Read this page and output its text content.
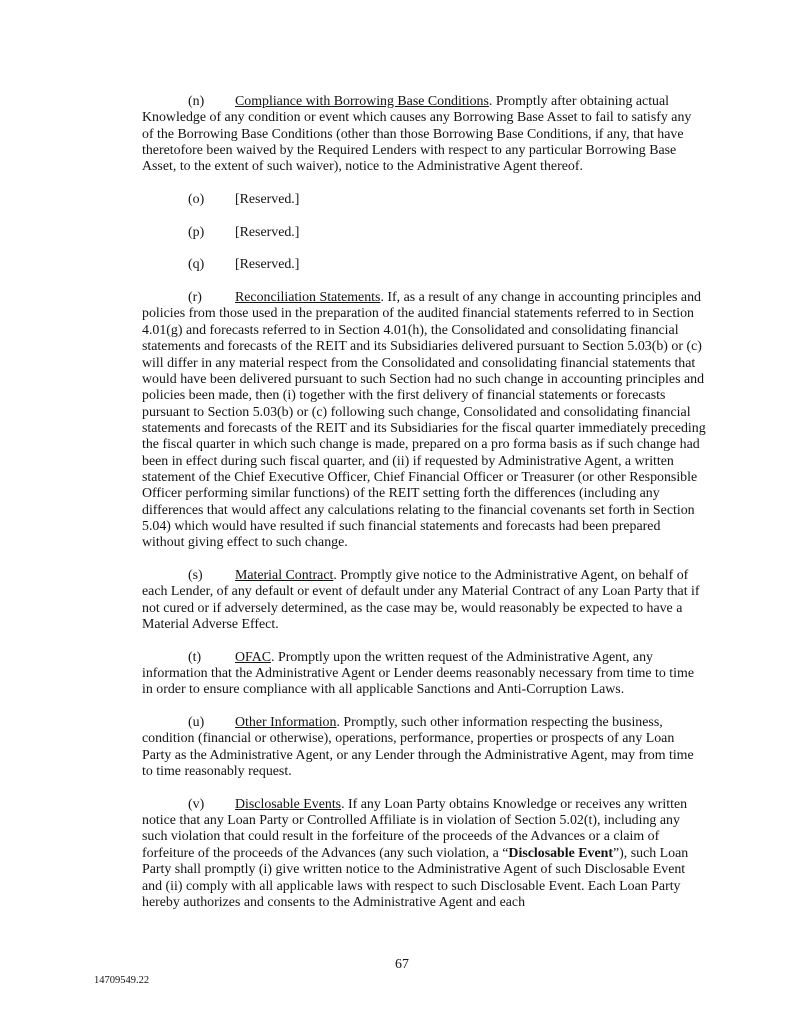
(n) Compliance with Borrowing Base Conditions. Promptly after obtaining actual Knowledge of any condition or event which causes any Borrowing Base Asset to fail to satisfy any of the Borrowing Base Conditions (other than those Borrowing Base Conditions, if any, that have theretofore been waived by the Required Lenders with respect to any particular Borrowing Base Asset, to the extent of such waiver), notice to the Administrative Agent thereof.

(o) [Reserved.]

(p) [Reserved.]

(q) [Reserved.]

(r) Reconciliation Statements. If, as a result of any change in accounting principles and policies from those used in the preparation of the audited financial statements referred to in Section 4.01(g) and forecasts referred to in Section 4.01(h), the Consolidated and consolidating financial statements and forecasts of the REIT and its Subsidiaries delivered pursuant to Section 5.03(b) or (c) will differ in any material respect from the Consolidated and consolidating financial statements that would have been delivered pursuant to such Section had no such change in accounting principles and policies been made, then (i) together with the first delivery of financial statements or forecasts pursuant to Section 5.03(b) or (c) following such change, Consolidated and consolidating financial statements and forecasts of the REIT and its Subsidiaries for the fiscal quarter immediately preceding the fiscal quarter in which such change is made, prepared on a pro forma basis as if such change had been in effect during such fiscal quarter, and (ii) if requested by Administrative Agent, a written statement of the Chief Executive Officer, Chief Financial Officer or Treasurer (or other Responsible Officer performing similar functions) of the REIT setting forth the differences (including any differences that would affect any calculations relating to the financial covenants set forth in Section 5.04) which would have resulted if such financial statements and forecasts had been prepared without giving effect to such change.

(s) Material Contract. Promptly give notice to the Administrative Agent, on behalf of each Lender, of any default or event of default under any Material Contract of any Loan Party that if not cured or if adversely determined, as the case may be, would reasonably be expected to have a Material Adverse Effect.

(t) OFAC. Promptly upon the written request of the Administrative Agent, any information that the Administrative Agent or Lender deems reasonably necessary from time to time in order to ensure compliance with all applicable Sanctions and Anti-Corruption Laws.

(u) Other Information. Promptly, such other information respecting the business, condition (financial or otherwise), operations, performance, properties or prospects of any Loan Party as the Administrative Agent, or any Lender through the Administrative Agent, may from time to time reasonably request.

(v) Disclosable Events. If any Loan Party obtains Knowledge or receives any written notice that any Loan Party or Controlled Affiliate is in violation of Section 5.02(t), including any such violation that could result in the forfeiture of the proceeds of the Advances or a claim of forfeiture of the proceeds of the Advances (any such violation, a “Disclosable Event”), such Loan Party shall promptly (i) give written notice to the Administrative Agent of such Disclosable Event and (ii) comply with all applicable laws with respect to such Disclosable Event. Each Loan Party hereby authorizes and consents to the Administrative Agent and each

67
14709549.22
